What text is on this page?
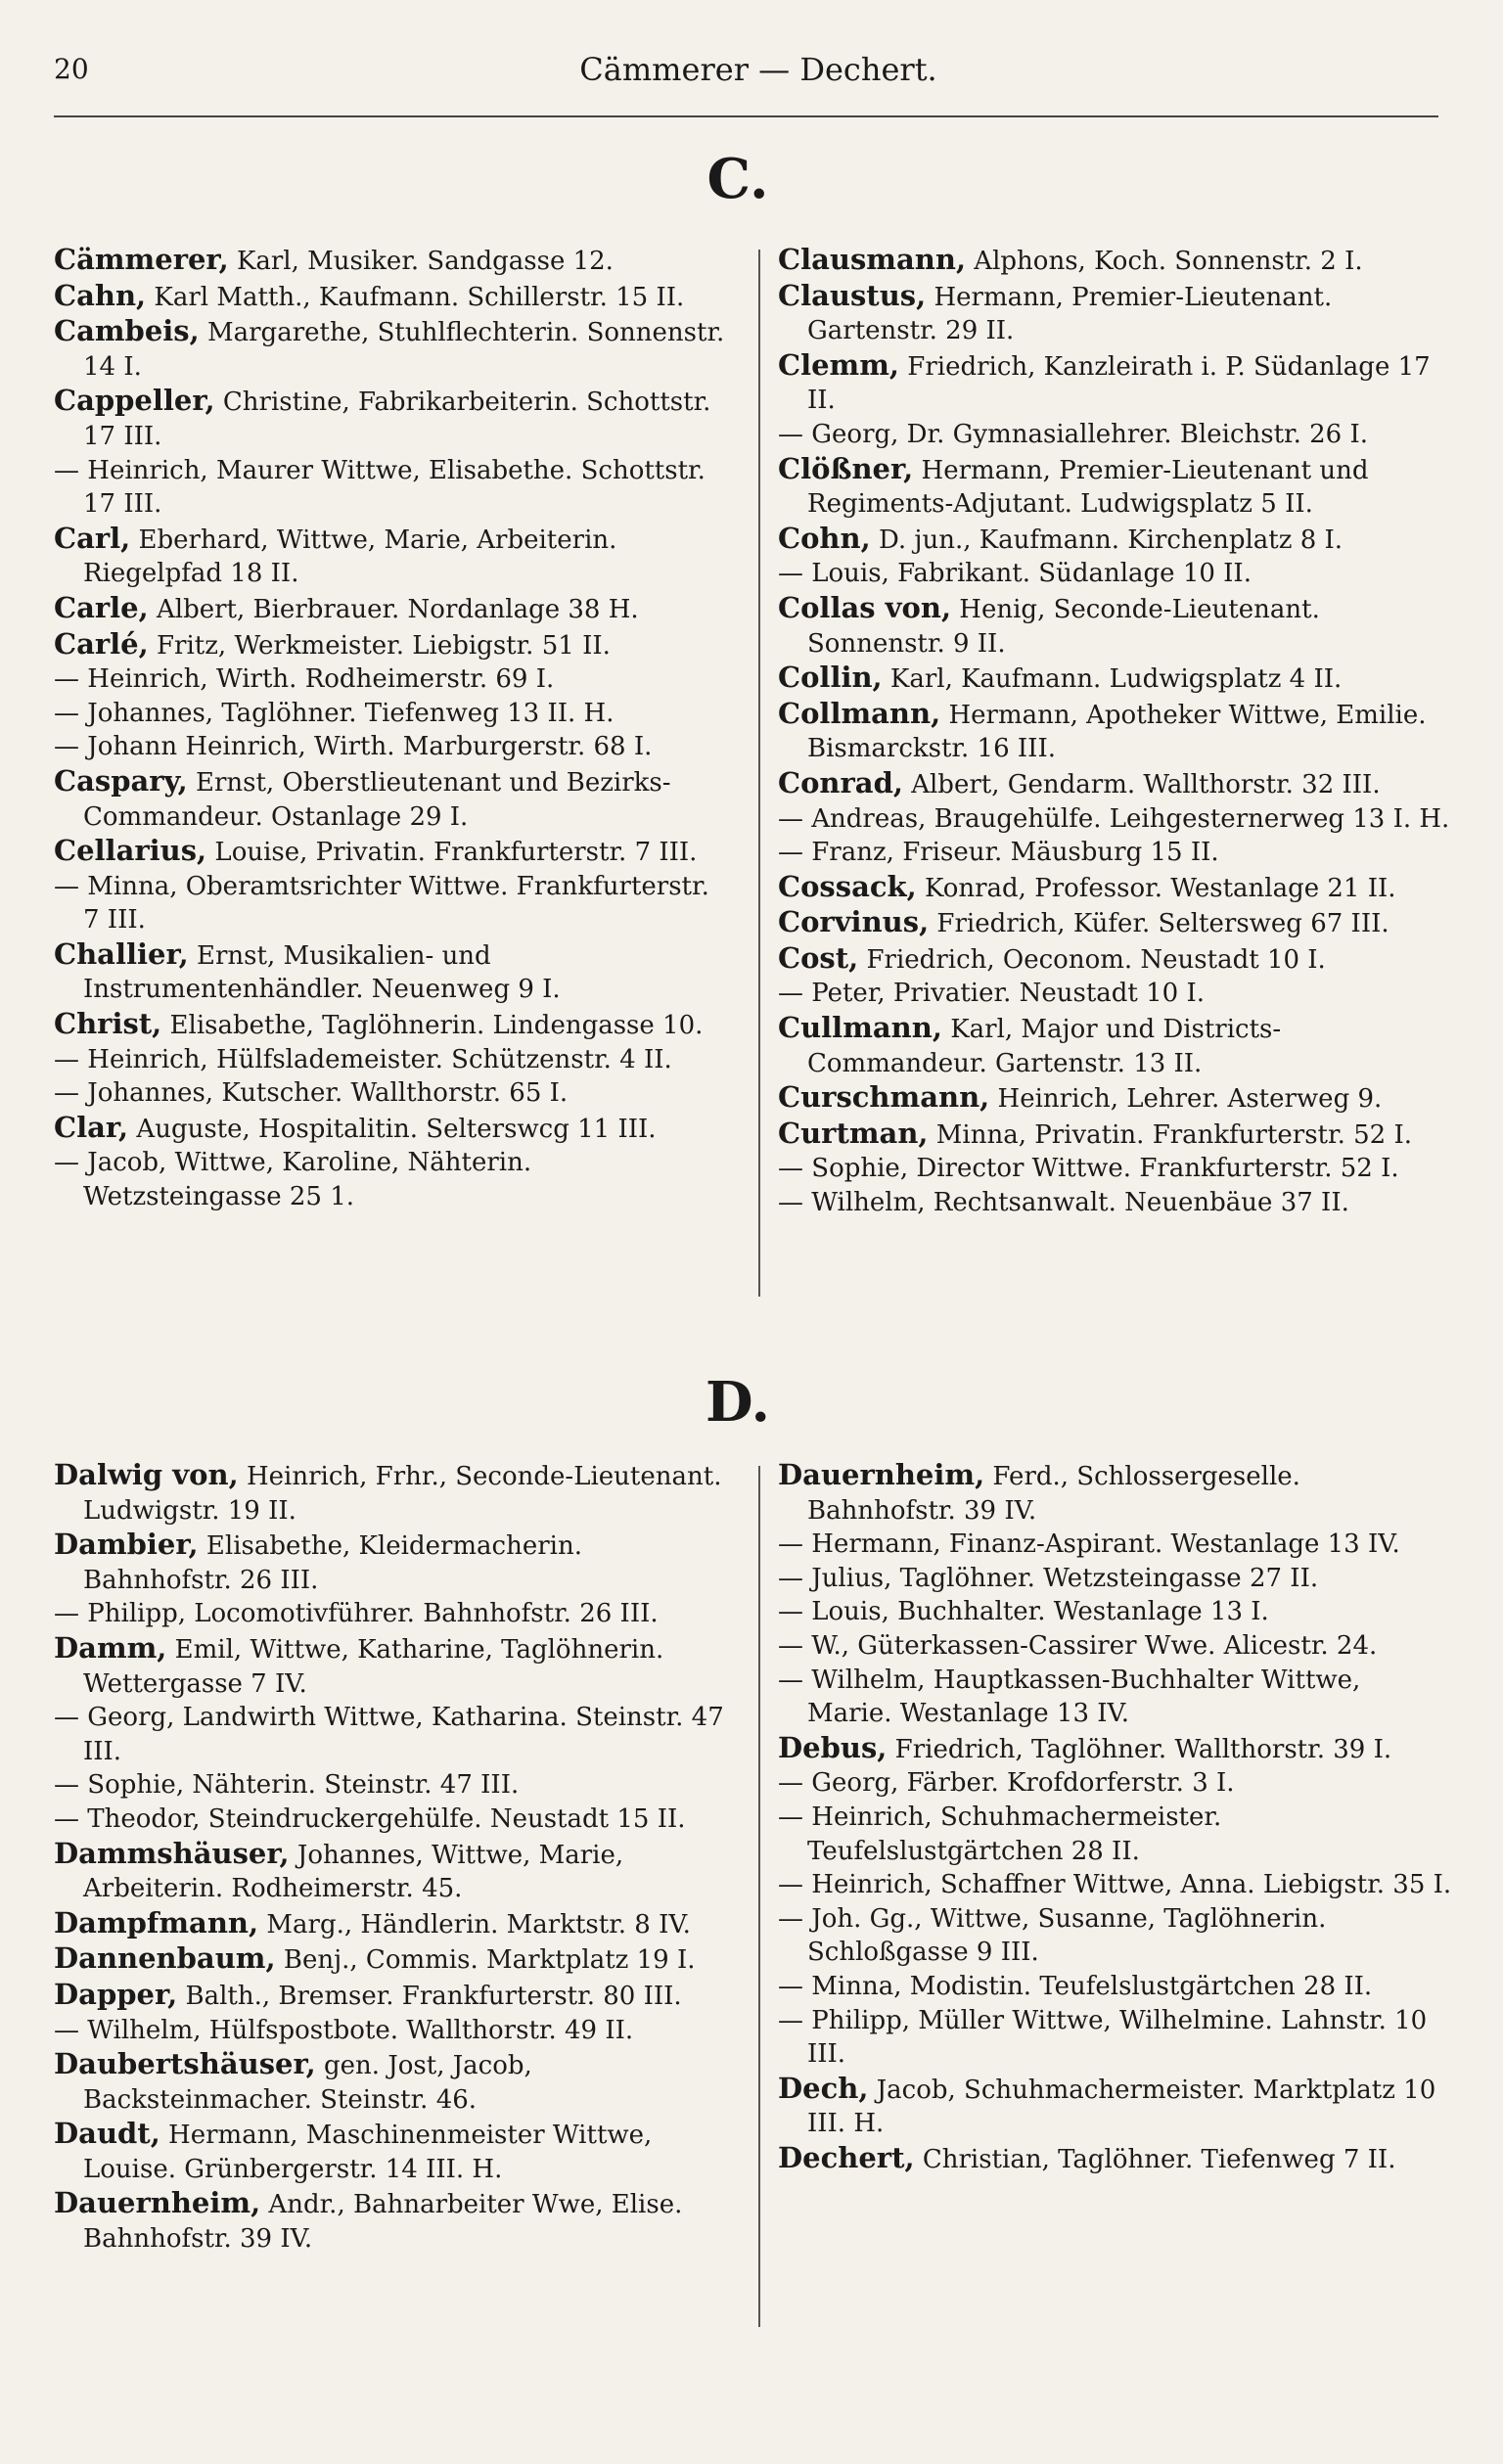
20	Cämmerer — Dechert.
C.

Cämmerer, Karl, Musiker. Sandgasse 12.

Cahn, Karl Matth., Kaufmann. Schillerstr. 15 II.

Cambeis, Margarethe, Stuhlflechterin. Sonnenstr. 14 I.

Cappeller, Christine, Fabrikarbeiterin. Schottstr. 17 III.

— Heinrich, Maurer Wittwe, Elisabethe. Schottstr. 17 III.

Carl, Eberhard, Wittwe, Marie, Arbeiterin. Riegelpfad 18 II.

Carle, Albert, Bierbrauer. Nordanlage 38 H.

Carlé, Fritz, Werkmeister. Liebigstr. 51 II.

— Heinrich, Wirth. Rodheimerstr. 69 I.

— Johannes, Taglöhner. Tiefenweg 13 II. H.

— Johann Heinrich, Wirth. Marburgerstr. 68 I.

Caspary, Ernst, Oberstlieutenant und Bezirks-Commandeur. Ostanlage 29 I.

Cellarius, Louise, Privatin. Frankfurterstr. 7 III.

— Minna, Oberamtsrichter Wittwe. Frankfurterstr. 7 III.

Challier, Ernst, Musikalien- und Instrumentenhändler. Neuenweg 9 I.

Christ, Elisabethe, Taglöhnerin. Lindengasse 10.

— Heinrich, Hülfslademeister. Schützenstr. 4 II.

— Johannes, Kutscher. Wallthorstr. 65 I.

Clar, Auguste, Hospitalitin. Selterswcg 11 III.

— Jacob, Wittwe, Karoline, Nähterin. Wetzsteingasse 25 1.

Clausmann, Alphons, Koch. Sonnenstr. 2 I.

Claustus, Hermann, Premier-Lieutenant. Gartenstr. 29 II.

Clemm, Friedrich, Kanzleirath i. P. Südanlage 17 II.

— Georg, Dr. Gymnasiallehrer. Bleichstr. 26 I.

Clößner, Hermann, Premier-Lieutenant und Regiments-Adjutant. Ludwigsplatz 5 II.

Cohn, D. jun., Kaufmann. Kirchenplatz 8 I.

— Louis, Fabrikant. Südanlage 10 II.

Collas von, Henig, Seconde-Lieutenant. Sonnenstr. 9 II.

Collin, Karl, Kaufmann. Ludwigsplatz 4 II.

Collmann, Hermann, Apotheker Wittwe, Emilie. Bismarckstr. 16 III.

Conrad, Albert, Gendarm. Wallthorstr. 32 III.

— Andreas, Braugehülfe. Leihgesternerweg 13 I. H.

— Franz, Friseur. Mäusburg 15 II.

Cossack, Konrad, Professor. Westanlage 21 II.

Corvinus, Friedrich, Küfer. Seltersweg 67 III.

Cost, Friedrich, Oeconom. Neustadt 10 I.

— Peter, Privatier. Neustadt 10 I.

Cullmann, Karl, Major und Districts-Commandeur. Gartenstr. 13 II.

Curschmann, Heinrich, Lehrer. Asterweg 9.

Curtman, Minna, Privatin. Frankfurterstr. 52 I.

— Sophie, Director Wittwe. Frankfurterstr. 52 I.

— Wilhelm, Rechtsanwalt. Neuenbäue 37 II.

D.

Dalwig von, Heinrich, Frhr., Seconde-Lieutenant. Ludwigstr. 19 II.

Dambier, Elisabethe, Kleidermacherin. Bahnhofstr. 26 III.

— Philipp, Locomotivführer. Bahnhofstr. 26 III.

Damm, Emil, Wittwe, Katharine, Taglöhnerin. Wettergasse 7 IV.

— Georg, Landwirth Wittwe, Katharina. Steinstr. 47 III.

— Sophie, Nähterin. Steinstr. 47 III.

— Theodor, Steindruckergehülfe. Neustadt 15 II.

Dammshäuser, Johannes, Wittwe, Marie, Arbeiterin. Rodheimerstr. 45.

Dampfmann, Marg., Händlerin. Marktstr. 8 IV.

Dannenbaum, Benj., Commis. Marktplatz 19 I.

Dapper, Balth., Bremser. Frankfurterstr. 80 III.

— Wilhelm, Hülfspostbote. Wallthorstr. 49 II.

Daubertshäuser, gen. Jost, Jacob, Backsteinmacher. Steinstr. 46.

Daudt, Hermann, Maschinenmeister Wittwe, Louise. Grünbergerstr. 14 III. H.

Dauernheim, Andr., Bahnarbeiter Wwe, Elise. Bahnhofstr. 39 IV.

Dauernheim, Ferd., Schlossergeselle. Bahnhofstr. 39 IV.

— Hermann, Finanz-Aspirant. Westanlage 13 IV.

— Julius, Taglöhner. Wetzsteingasse 27 II.

— Louis, Buchhalter. Westanlage 13 I.

— W., Güterkassen-Cassirer Wwe. Alicestr. 24.

— Wilhelm, Hauptkassen-Buchhalter Wittwe, Marie. Westanlage 13 IV.

Debus, Friedrich, Taglöhner. Wallthorstr. 39 I.

— Georg, Färber. Krofdorferstr. 3 I.

— Heinrich, Schuhmachermeister. Teufelslustgärtchen 28 II.

— Heinrich, Schaffner Wittwe, Anna. Liebigstr. 35 I.

— Joh. Gg., Wittwe, Susanne, Taglöhnerin. Schloßgasse 9 III.

— Minna, Modistin. Teufelslustgärtchen 28 II.

— Philipp, Müller Wittwe, Wilhelmine. Lahnstr. 10 III.

Dech, Jacob, Schuhmachermeister. Marktplatz 10 III. H.

Dechert, Christian, Taglöhner. Tiefenweg 7 II.
